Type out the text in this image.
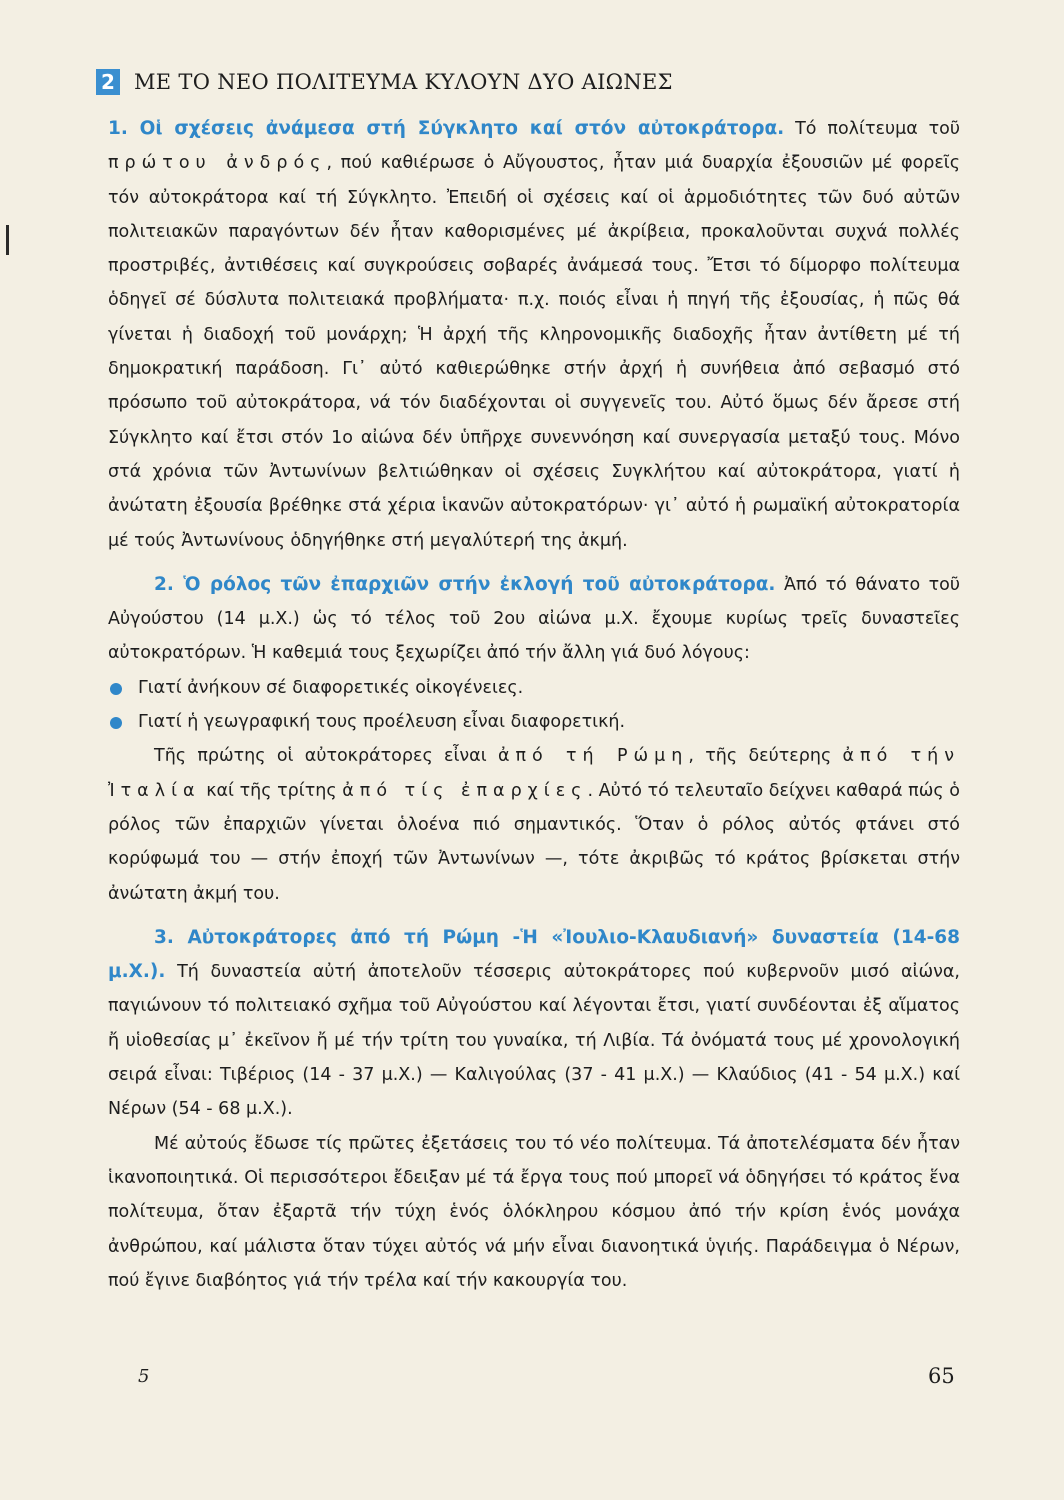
2 ΜΕ ΤΟ ΝΕΟ ΠΟΛΙΤΕΥΜΑ ΚΥΛΟΥΝ ΔΥΟ ΑΙΩΝΕΣ

1. Οἱ σχέσεις ἀνάμεσα στή Σύγκλητο καί στόν αὐτοκράτορα. Τό πολίτευμα τοῦ πρώτου ἀνδρός, πού καθιέρωσε ὁ Αὔγουστος, ἦταν μιά δυαρχία ἐξουσιῶν μέ φορεῖς τόν αὐτοκράτορα καί τή Σύγκλητο. Ἐπειδή οἱ σχέσεις καί οἱ ἁρμοδιότητες τῶν δυό αὐτῶν πολιτειακῶν παραγόντων δέν ἦταν καθορισμένες μέ ἀκρίβεια, προκαλοῦνται συχνά πολλές προστριβές, ἀντιθέσεις καί συγκρούσεις σοβαρές ἀνάμεσά τους. Ἔτσι τό δίμορφο πολίτευμα ὁδηγεῖ σέ δύσλυτα πολιτειακά προβλήματα· π.χ. ποιός εἶναι ἡ πηγή τῆς ἐξουσίας, ἡ πῶς θά γίνεται ἡ διαδοχή τοῦ μονάρχη; Ἡ ἀρχή τῆς κληρονομικῆς διαδοχῆς ἦταν ἀντίθετη μέ τή δημοκρατική παράδοση. Γι᾿ αὐτό καθιερώθηκε στήν ἀρχή ἡ συνήθεια ἀπό σεβασμό στό πρόσωπο τοῦ αὐτοκράτορα, νά τόν διαδέχονται οἱ συγγενεῖς του. Αὐτό ὅμως δέν ἄρεσε στή Σύγκλητο καί ἔτσι στόν 1ο αἰώνα δέν ὑπῆρχε συνεννόηση καί συνεργασία μεταξύ τους. Μόνο στά χρόνια τῶν Ἀντωνίνων βελτιώθηκαν οἱ σχέσεις Συγκλήτου καί αὐτοκράτορα, γιατί ἡ ἀνώτατη ἐξουσία βρέθηκε στά χέρια ἱκανῶν αὐτοκρατόρων· γι᾿ αὐτό ἡ ρωμαϊκή αὐτοκρατορία μέ τούς Ἀντωνίνους ὁδηγήθηκε στή μεγαλύτερή της ἀκμή.

2. Ὁ ρόλος τῶν ἐπαρχιῶν στήν ἐκλογή τοῦ αὐτοκράτορα. Ἀπό τό θάνατο τοῦ Αὐγούστου (14 μ.Χ.) ὡς τό τέλος τοῦ 2ου αἰώνα μ.Χ. ἔχουμε κυρίως τρεῖς δυναστεῖες αὐτοκρατόρων. Ἡ καθεμιά τους ξεχωρίζει ἀπό τήν ἄλλη γιά δυό λόγους:

Γιατί ἀνήκουν σέ διαφορετικές οἰκογένειες.
Γιατί ἡ γεωγραφική τους προέλευση εἶναι διαφορετική.

Τῆς πρώτης οἱ αὐτοκράτορες εἶναι ἀπό τή Ρώμη, τῆς δεύτερης ἀπό τήν Ἰταλία καί τῆς τρίτης ἀπό τίς ἐπαρχίες. Αὐτό τό τελευταῖο δείχνει καθαρά πώς ὁ ρόλος τῶν ἐπαρχιῶν γίνεται ὁλοένα πιό σημαντικός. Ὅταν ὁ ρόλος αὐτός φτάνει στό κορύφωμά του — στήν ἐποχή τῶν Ἀντωνίνων —, τότε ἀκριβῶς τό κράτος βρίσκεται στήν ἀνώτατη ἀκμή του.

3. Αὐτοκράτορες ἀπό τή Ρώμη -Ἡ «Ἰουλιο-Κλαυδιανή» δυναστεία (14-68 μ.Χ.). Τή δυναστεία αὐτή ἀποτελοῦν τέσσερις αὐτοκράτορες πού κυβερνοῦν μισό αἰώνα, παγιώνουν τό πολιτειακό σχῆμα τοῦ Αὐγούστου καί λέγονται ἔτσι, γιατί συνδέονται ἐξ αἵματος ἤ υἱοθεσίας μ᾿ ἐκεῖνον ἤ μέ τήν τρίτη του γυναίκα, τή Λιβία. Τά ὀνόματά τους μέ χρονολογική σειρά εἶναι: Τιβέριος (14 - 37 μ.Χ.) — Καλιγούλας (37 - 41 μ.Χ.) — Κλαύδιος (41 - 54 μ.Χ.) καί Νέρων (54 - 68 μ.Χ.).

Μέ αὐτούς ἔδωσε τίς πρῶτες ἐξετάσεις του τό νέο πολίτευμα. Τά ἀποτελέσματα δέν ἦταν ἱκανοποιητικά. Οἱ περισσότεροι ἔδειξαν μέ τά ἔργα τους πού μπορεῖ νά ὁδηγήσει τό κράτος ἕνα πολίτευμα, ὅταν ἐξαρτᾶ τήν τύχη ἑνός ὁλόκληρου κόσμου ἀπό τήν κρίση ἑνός μονάχα ἀνθρώπου, καί μάλιστα ὅταν τύχει αὐτός νά μήν εἶναι διανοητικά ὑγιής. Παράδειγμα ὁ Νέρων, πού ἔγινε διαβόητος γιά τήν τρέλα καί τήν κακουργία του.

5	65
